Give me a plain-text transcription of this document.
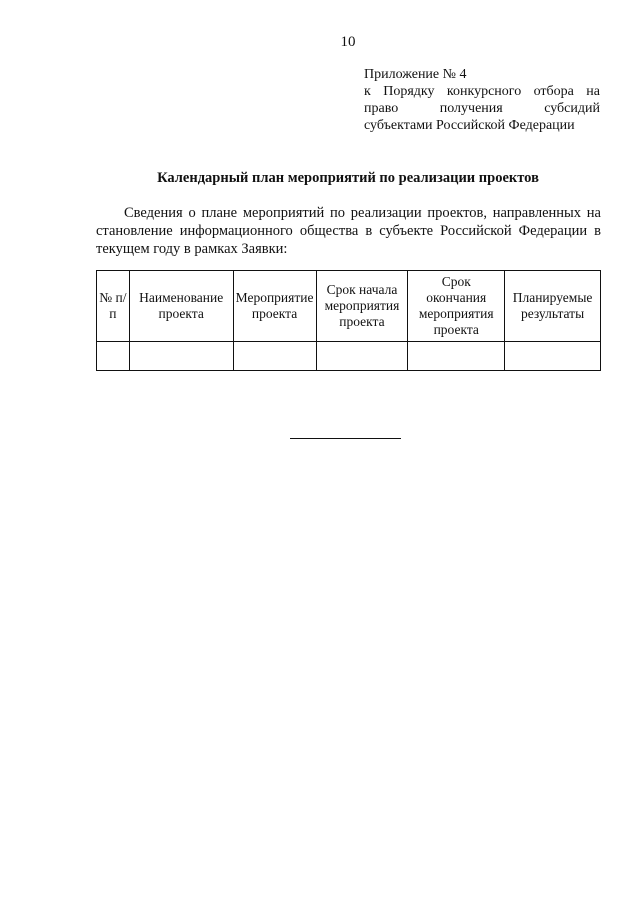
10
Приложение № 4
к Порядку конкурсного отбора на
право получения субсидий
субъектами Российской Федерации
Календарный план мероприятий по реализации проектов
Сведения о плане мероприятий по реализации проектов, направленных на становление информационного общества в субъекте Российской Федерации в текущем году в рамках Заявки:
№ п/п	Наименование проекта	Мероприятие проекта	Срок начала мероприятия проекта	Срок окончания мероприятия проекта	Планируемые результаты
